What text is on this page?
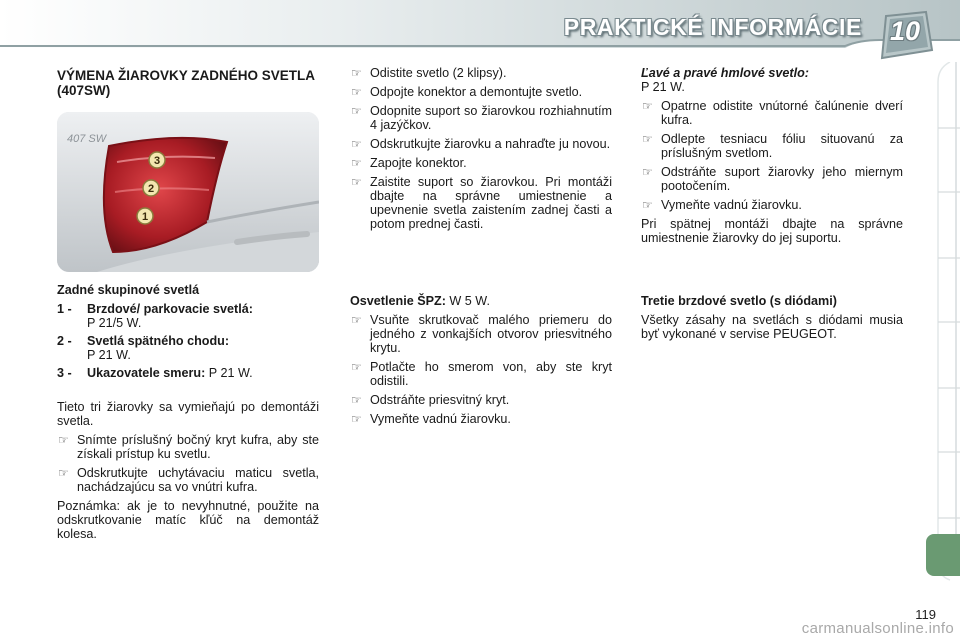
PRAKTICKÉ INFORMÁCIE	10

VÝMENA ŽIAROVKY ZADNÉHO SVETLA (407SW)

3
2
1
407 SW

Zadné skupinové svetlá

1 -	Brzdové/ parkovacie svetlá:
P 21/5 W.
2 -	Svetlá spätného chodu:
P 21 W.
3 -	Ukazovatele smeru: P 21 W.

Tieto tri žiarovky sa vymieňajú po demontáži svetla.

☞ Snímte príslušný bočný kryt kufra, aby ste získali prístup ku svetlu.

☞ Odskrutkujte uchytávaciu maticu svetla, nachádzajúcu sa vo vnútri kufra.

Poznámka: ak je to nevyhnutné, použite na odskrutkovanie matíc kľúč na demontáž kolesa.

☞ Odistite svetlo (2 klipsy).

☞ Odpojte konektor a demontujte svetlo.

☞ Odopnite suport so žiarovkou rozhiahnutím 4 jazýčkov.

☞ Odskrutkujte žiarovku a nahraďte ju novou.

☞ Zapojte konektor.

☞ Zaistite suport so žiarovkou. Pri montáži dbajte na správne umiestnenie a upevnenie svetla zaistením zadnej časti a potom prednej časti.

Osvetlenie ŠPZ: W 5 W.

☞ Vsuňte skrutkovač malého priemeru do jedného z vonkajších otvorov priesvitného krytu.

☞ Potlačte ho smerom von, aby ste kryt odistili.

☞ Odstráňte priesvitný kryt.

☞ Vymeňte vadnú žiarovku.

Ľavé a pravé hmlové svetlo:

P 21 W.

☞ Opatrne odistite vnútorné čalúnenie dverí kufra.

☞ Odlepte tesniacu fóliu situovanú za príslušným svetlom.

☞ Odstráňte suport žiarovky jeho miernym pootočením.

☞ Vymeňte vadnú žiarovku.

Pri spätnej montáži dbajte na správne umiestnenie žiarovky do jej suportu.

Tretie brzdové svetlo (s diódami)

Všetky zásahy na svetlách s diódami musia byť vykonané v servise PEUGEOT.

119
carmanualsonline.info
